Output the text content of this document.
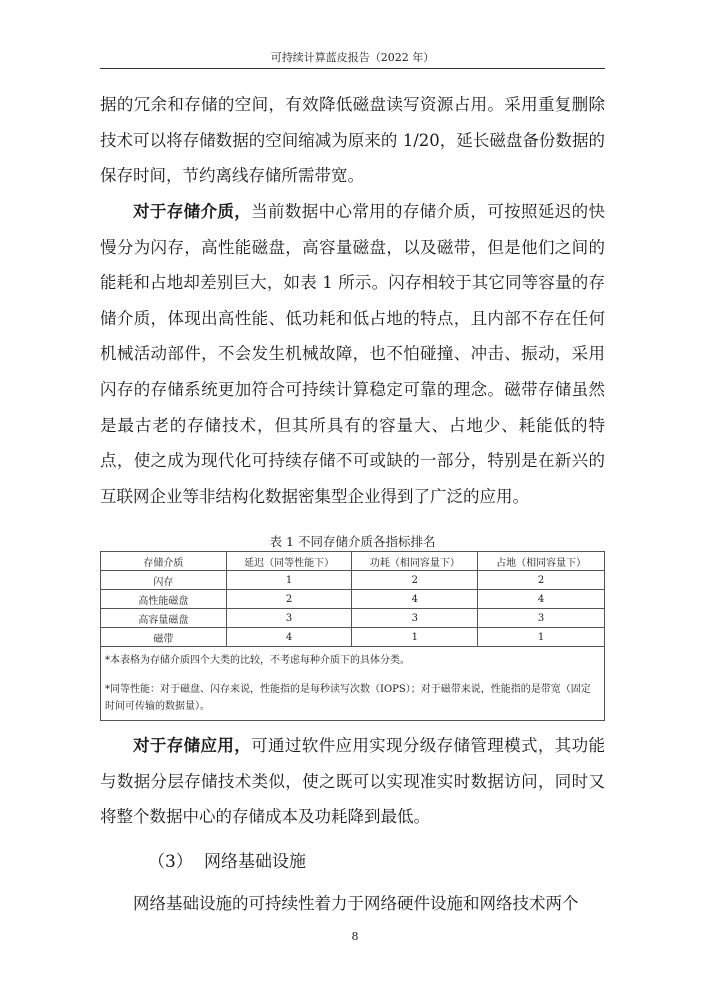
可持续计算蓝皮报告（2022 年）

据的冗余和存储的空间，有效降低磁盘读写资源占用。采用重复删除技术可以将存储数据的空间缩减为原来的 1/20，延长磁盘备份数据的保存时间，节约离线存储所需带宽。

对于存储介质，当前数据中心常用的存储介质，可按照延迟的快慢分为闪存，高性能磁盘，高容量磁盘，以及磁带，但是他们之间的能耗和占地却差别巨大，如表 1 所示。闪存相较于其它同等容量的存储介质，体现出高性能、低功耗和低占地的特点，且内部不存在任何机械活动部件，不会发生机械故障，也不怕碰撞、冲击、振动，采用闪存的存储系统更加符合可持续计算稳定可靠的理念。磁带存储虽然是最古老的存储技术，但其所具有的容量大、占地少、耗能低的特点，使之成为现代化可持续存储不可或缺的一部分，特别是在新兴的互联网企业等非结构化数据密集型企业得到了广泛的应用。

表 1 不同存储介质各指标排名
存储介质	延迟（同等性能下）	功耗（相同容量下）	占地（相同容量下）
闪存	1	2	2
高性能磁盘	2	4	4
高容量磁盘	3	3	3
磁带	4	1	1

*本表格为存储介质四个大类的比较，不考虑每种介质下的具体分类。

*同等性能：对于磁盘、闪存来说，性能指的是每秒读写次数（IOPS）；对于磁带来说，性能指的是带宽（固定时间可传输的数据量）。			

对于存储应用，可通过软件应用实现分级存储管理模式，其功能与数据分层存储技术类似，使之既可以实现准实时数据访问，同时又将整个数据中心的存储成本及功耗降到最低。

（3） 网络基础设施

网络基础设施的可持续性着力于网络硬件设施和网络技术两个

8
